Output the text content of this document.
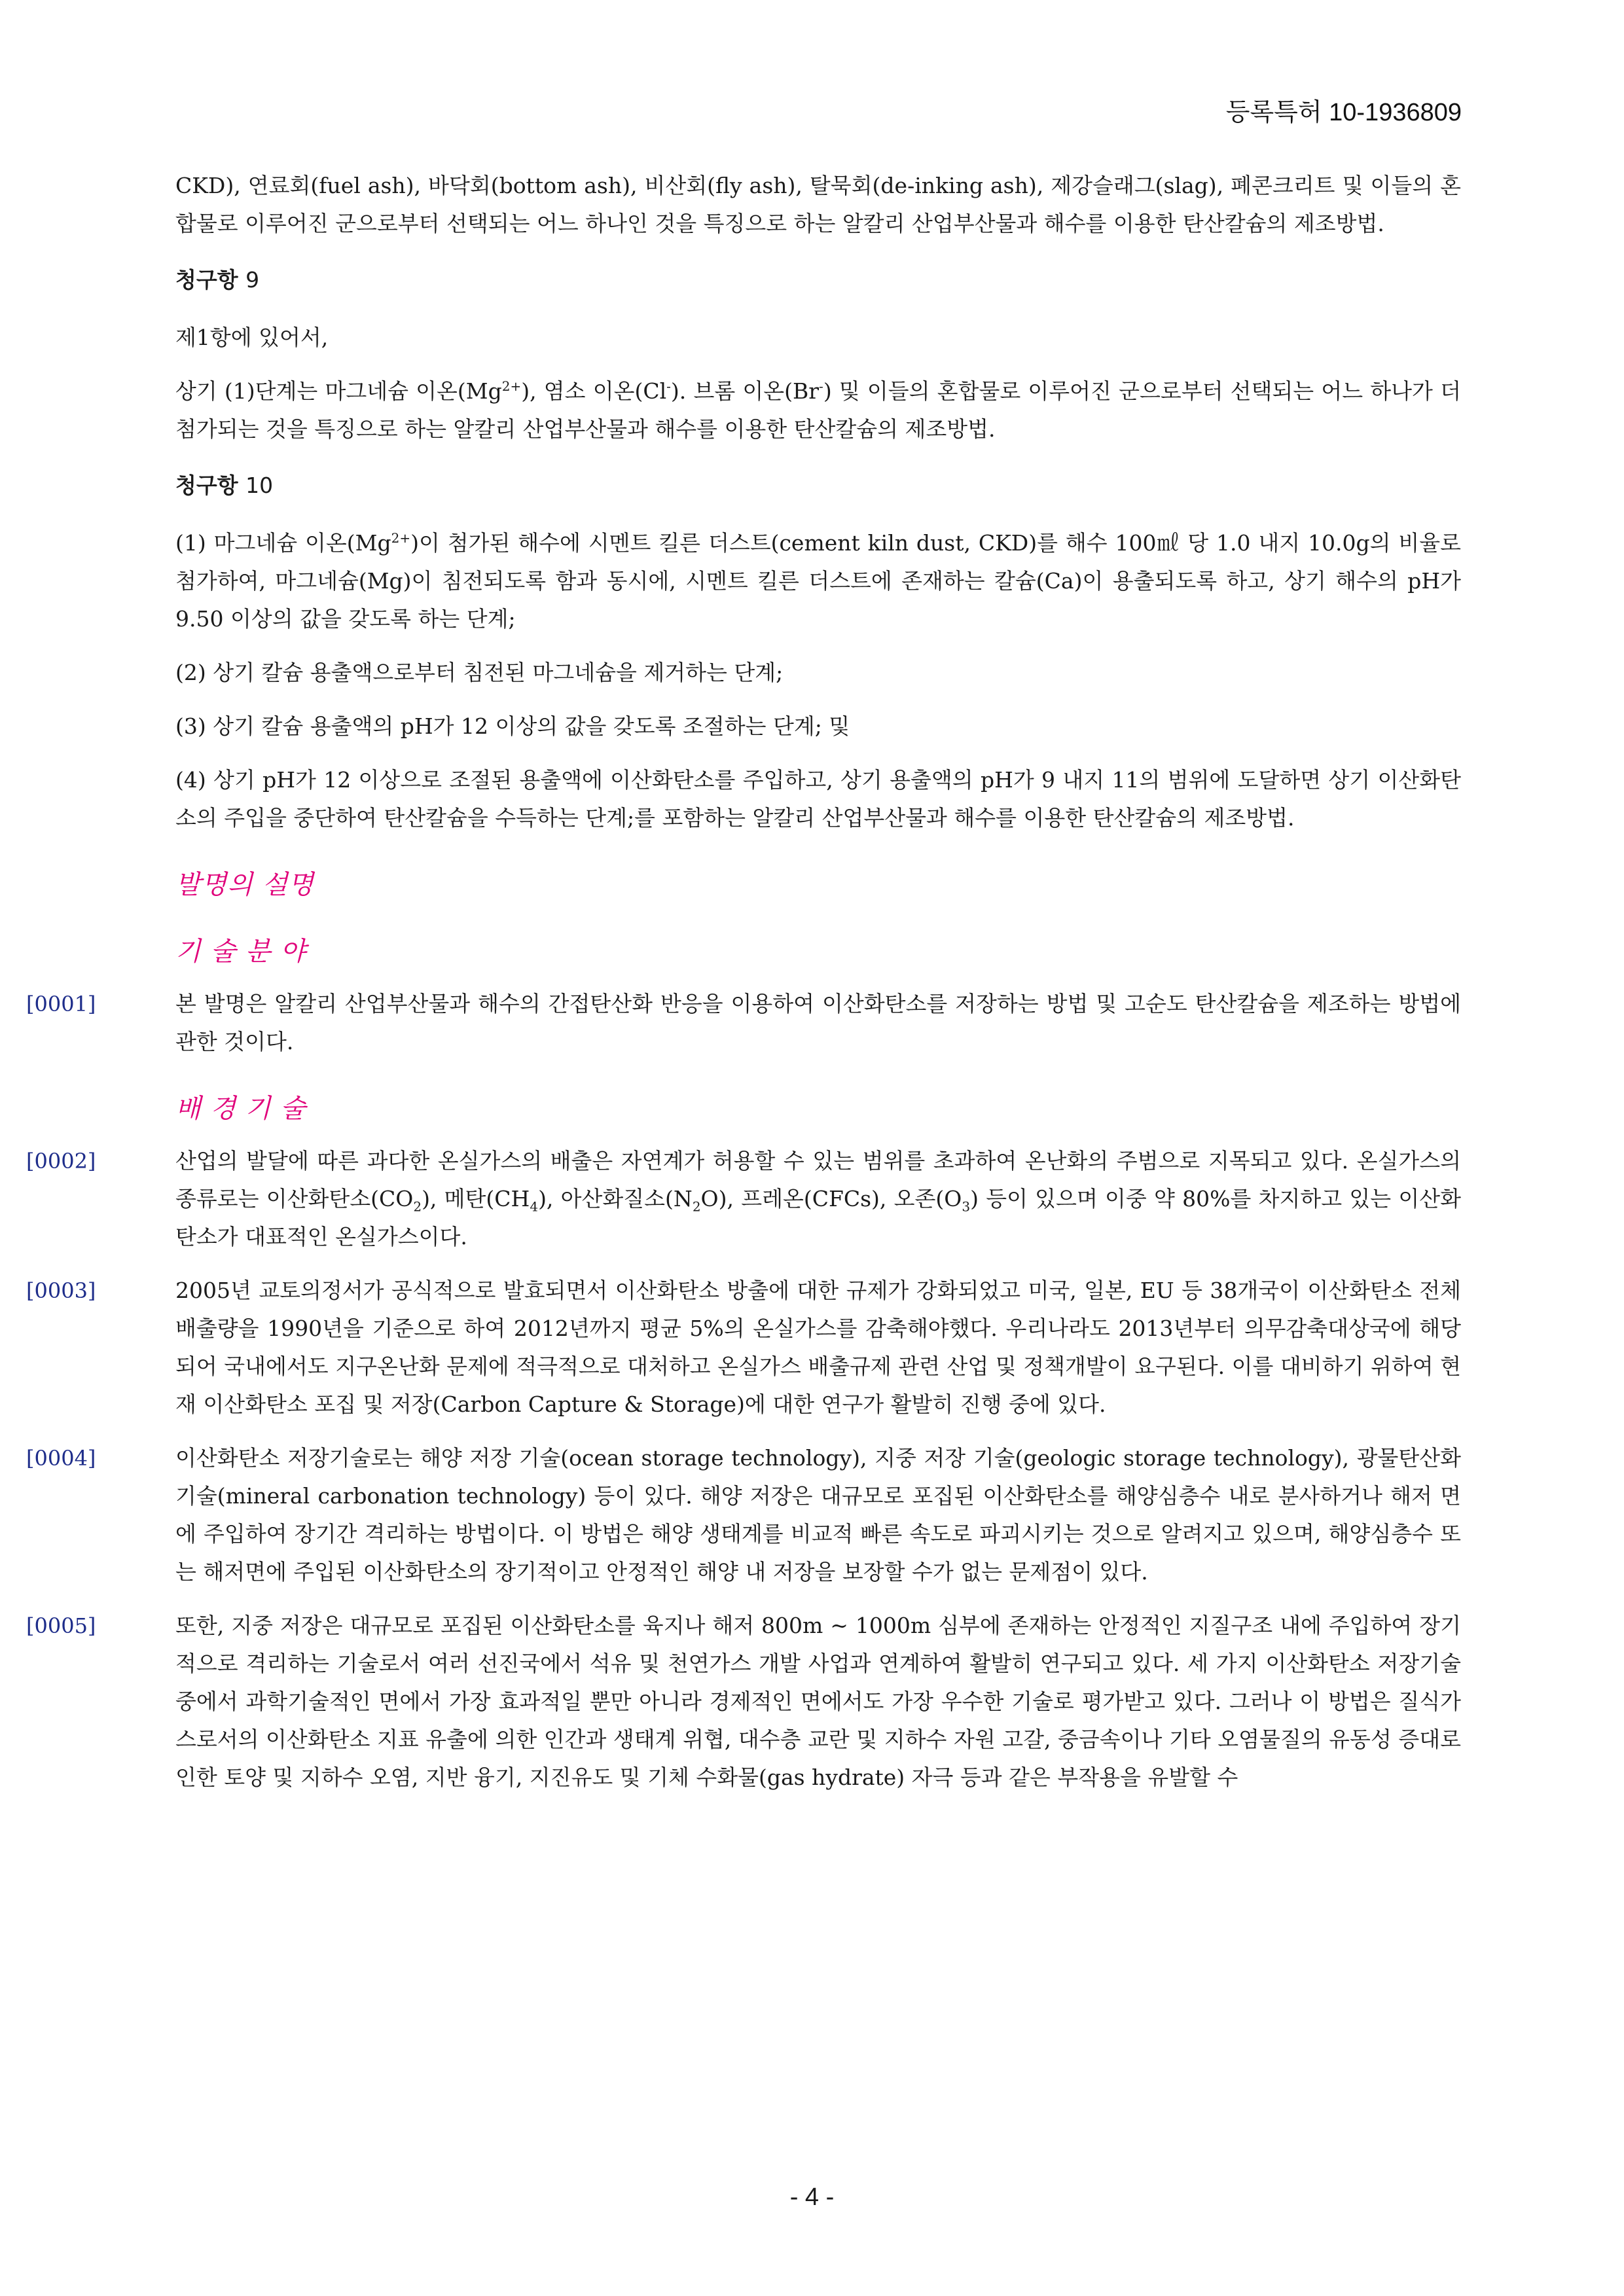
등록특허 10-1936809

CKD), 연료회(fuel ash), 바닥회(bottom ash), 비산회(fly ash), 탈묵회(de-inking ash), 제강슬래그(slag), 폐콘크리트 및 이들의 혼합물로 이루어진 군으로부터 선택되는 어느 하나인 것을 특징으로 하는 알칼리 산업부산물과 해수를 이용한 탄산칼슘의 제조방법.

청구항 9

제1항에 있어서,

상기 (1)단계는 마그네슘 이온$(Mg^{2+})$, 염소 이온(Cl-). 브롬 이온(Br-) 및 이들의 혼합물로 이루어진 군으로부터 선택되는 어느 하나가 더 첨가되는 것을 특징으로 하는 알칼리 산업부산물과 해수를 이용한 탄산칼슘의 제조방법.

청구항 10

(1) 마그네슘 이온$(Mg^{2+})$이 첨가된 해수에 시멘트 킬른 더스트(cement kiln dust, CKD)를 해수 100㎖ 당 1.0 내지 10.0g의 비율로 첨가하여, 마그네슘(Mg)이 침전되도록 함과 동시에, 시멘트 킬른 더스트에 존재하는 칼슘(Ca)이 용출되도록 하고, 상기 해수의 pH가 9.50 이상의 값을 갖도록 하는 단계;

(2) 상기 칼슘 용출액으로부터 침전된 마그네슘을 제거하는 단계;

(3) 상기 칼슘 용출액의 pH가 12 이상의 값을 갖도록 조절하는 단계; 및

(4) 상기 pH가 12 이상으로 조절된 용출액에 이산화탄소를 주입하고, 상기 용출액의 pH가 9 내지 11의 범위에 도달하면 상기 이산화탄소의 주입을 중단하여 탄산칼슘을 수득하는 단계;를 포함하는 알칼리 산업부산물과 해수를 이용한 탄산칼슘의 제조방법.

발명의 설명
기 술 분 야
[0001]	본 발명은 알칼리 산업부산물과 해수의 간접탄산화 반응을 이용하여 이산화탄소를 저장하는 방법 및 고순도 탄산칼슘을 제조하는 방법에 관한 것이다.
배 경 기 술
[0002]	산업의 발달에 따른 과다한 온실가스의 배출은 자연계가 허용할 수 있는 범위를 초과하여 온난화의 주범으로 지목되고 있다. 온실가스의 종류로는 이산화탄소$(CO_2)$, 메탄$(CH_4)$, 아산화질소$(N_2O)$, 프레온(CFCs), 오존$(O_3)$ 등이 있으며 이중 약 80%를 차지하고 있는 이산화탄소가 대표적인 온실가스이다.
[0003]	2005년 교토의정서가 공식적으로 발효되면서 이산화탄소 방출에 대한 규제가 강화되었고 미국, 일본, EU 등 38개국이 이산화탄소 전체 배출량을 1990년을 기준으로 하여 2012년까지 평균 5%의 온실가스를 감축해야했다. 우리나라도 2013년부터 의무감축대상국에 해당되어 국내에서도 지구온난화 문제에 적극적으로 대처하고 온실가스 배출규제 관련 산업 및 정책개발이 요구된다. 이를 대비하기 위하여 현재 이산화탄소 포집 및 저장(Carbon Capture & Storage)에 대한 연구가 활발히 진행 중에 있다.
[0004]	이산화탄소 저장기술로는 해양 저장 기술(ocean storage technology), 지중 저장 기술(geologic storage technology), 광물탄산화 기술(mineral carbonation technology) 등이 있다. 해양 저장은 대규모로 포집된 이산화탄소를 해양심층수 내로 분사하거나 해저 면에 주입하여 장기간 격리하는 방법이다. 이 방법은 해양 생태계를 비교적 빠른 속도로 파괴시키는 것으로 알려지고 있으며, 해양심층수 또는 해저면에 주입된 이산화탄소의 장기적이고 안정적인 해양 내 저장을 보장할 수가 없는 문제점이 있다.
[0005]	또한, 지중 저장은 대규모로 포집된 이산화탄소를 육지나 해저 800m ~ 1000m 심부에 존재하는 안정적인 지질구조 내에 주입하여 장기적으로 격리하는 기술로서 여러 선진국에서 석유 및 천연가스 개발 사업과 연계하여 활발히 연구되고 있다. 세 가지 이산화탄소 저장기술 중에서 과학기술적인 면에서 가장 효과적일 뿐만 아니라 경제적인 면에서도 가장 우수한 기술로 평가받고 있다. 그러나 이 방법은 질식가스로서의 이산화탄소 지표 유출에 의한 인간과 생태계 위협, 대수층 교란 및 지하수 자원 고갈, 중금속이나 기타 오염물질의 유동성 증대로 인한 토양 및 지하수 오염, 지반 융기, 지진유도 및 기체 수화물(gas hydrate) 자극 등과 같은 부작용을 유발할 수
- 4 -
